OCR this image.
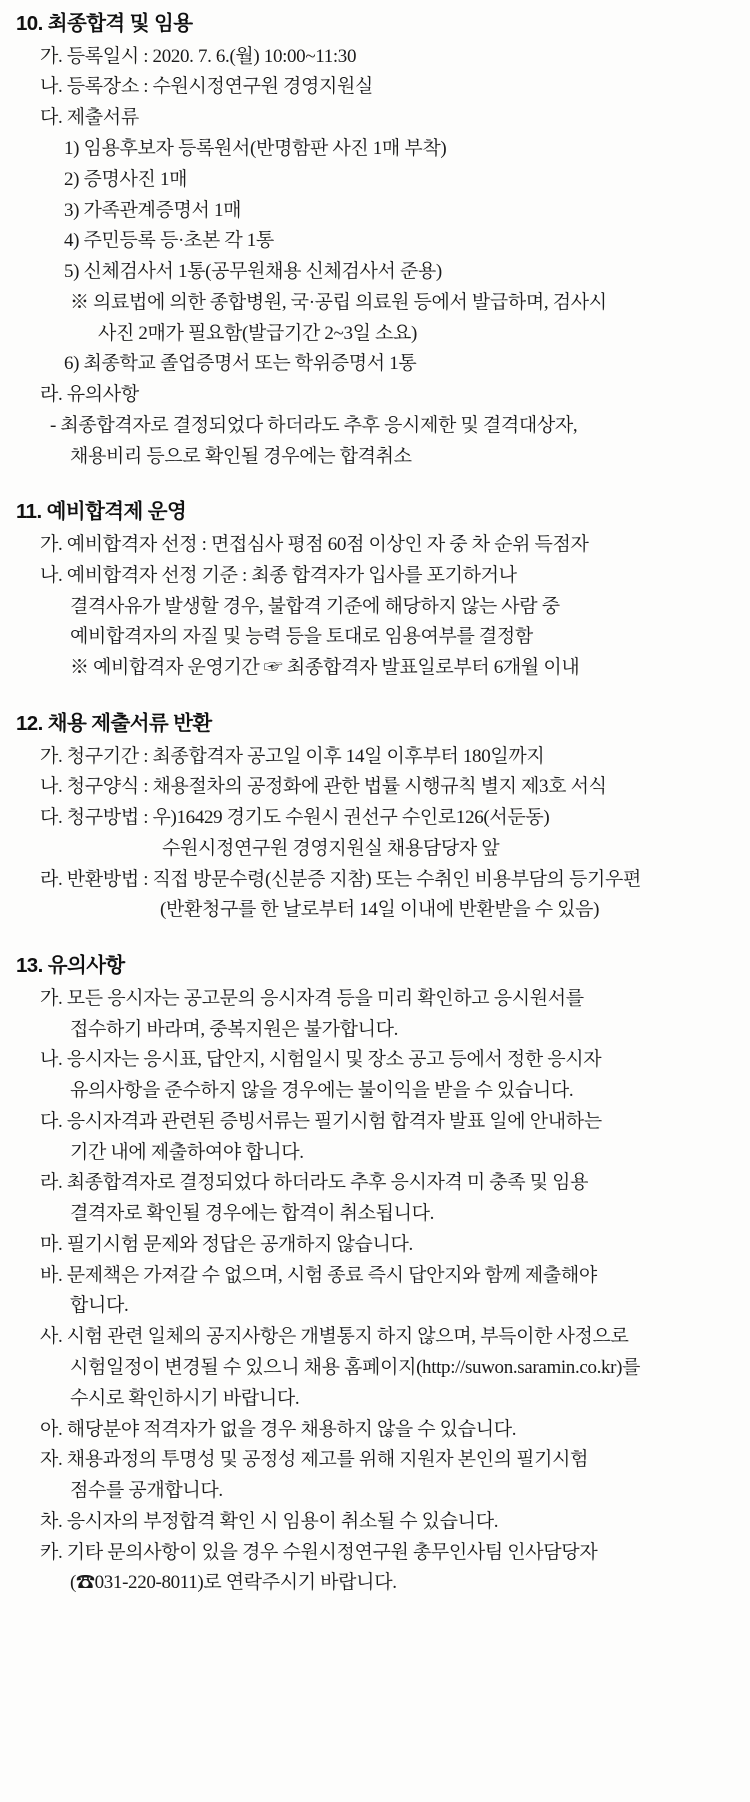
10. 최종합격 및 임용
가. 등록일시 : 2020. 7. 6.(월) 10:00~11:30
나. 등록장소 : 수원시정연구원 경영지원실
다. 제출서류
1) 임용후보자 등록원서(반명함판 사진 1매 부착)
2) 증명사진 1매
3) 가족관계증명서 1매
4) 주민등록 등·초본 각 1통
5) 신체검사서 1통(공무원채용 신체검사서 준용)
※ 의료법에 의한 종합병원, 국·공립 의료원 등에서 발급하며, 검사시
사진 2매가 필요함(발급기간 2~3일 소요)
6) 최종학교 졸업증명서 또는 학위증명서 1통
라. 유의사항
- 최종합격자로 결정되었다 하더라도 추후 응시제한 및 결격대상자,
채용비리 등으로 확인될 경우에는 합격취소
11. 예비합격제 운영
가. 예비합격자 선정 : 면접심사 평점 60점 이상인 자 중 차 순위 득점자
나. 예비합격자 선정 기준 : 최종 합격자가 입사를 포기하거나
결격사유가 발생할 경우, 불합격 기준에 해당하지 않는 사람 중
예비합격자의 자질 및 능력 등을 토대로 임용여부를 결정함
※ 예비합격자 운영기간 ☞ 최종합격자 발표일로부터 6개월 이내
12. 채용 제출서류 반환
가. 청구기간 : 최종합격자 공고일 이후 14일 이후부터 180일까지
나. 청구양식 : 채용절차의 공정화에 관한 법률 시행규칙 별지 제3호 서식
다. 청구방법 : 우)16429 경기도 수원시 권선구 수인로126(서둔동)
수원시정연구원 경영지원실 채용담당자 앞
라. 반환방법 : 직접 방문수령(신분증 지참) 또는 수취인 비용부담의 등기우편
(반환청구를 한 날로부터 14일 이내에 반환받을 수 있음)
13. 유의사항
가. 모든 응시자는 공고문의 응시자격 등을 미리 확인하고 응시원서를
접수하기 바라며, 중복지원은 불가합니다.
나. 응시자는 응시표, 답안지, 시험일시 및 장소 공고 등에서 정한 응시자
유의사항을 준수하지 않을 경우에는 불이익을 받을 수 있습니다.
다. 응시자격과 관련된 증빙서류는 필기시험 합격자 발표 일에 안내하는
기간 내에 제출하여야 합니다.
라. 최종합격자로 결정되었다 하더라도 추후 응시자격 미 충족 및 임용
결격자로 확인될 경우에는 합격이 취소됩니다.
마. 필기시험 문제와 정답은 공개하지 않습니다.
바. 문제책은 가져갈 수 없으며, 시험 종료 즉시 답안지와 함께 제출해야
합니다.
사. 시험 관련 일체의 공지사항은 개별통지 하지 않으며, 부득이한 사정으로
시험일정이 변경될 수 있으니 채용 홈페이지(http://suwon.saramin.co.kr)를
수시로 확인하시기 바랍니다.
아. 해당분야 적격자가 없을 경우 채용하지 않을 수 있습니다.
자. 채용과정의 투명성 및 공정성 제고를 위해 지원자 본인의 필기시험
점수를 공개합니다.
차. 응시자의 부정합격 확인 시 임용이 취소될 수 있습니다.
카. 기타 문의사항이 있을 경우 수원시정연구원 총무인사팀 인사담당자
(☎031-220-8011)로 연락주시기 바랍니다.
